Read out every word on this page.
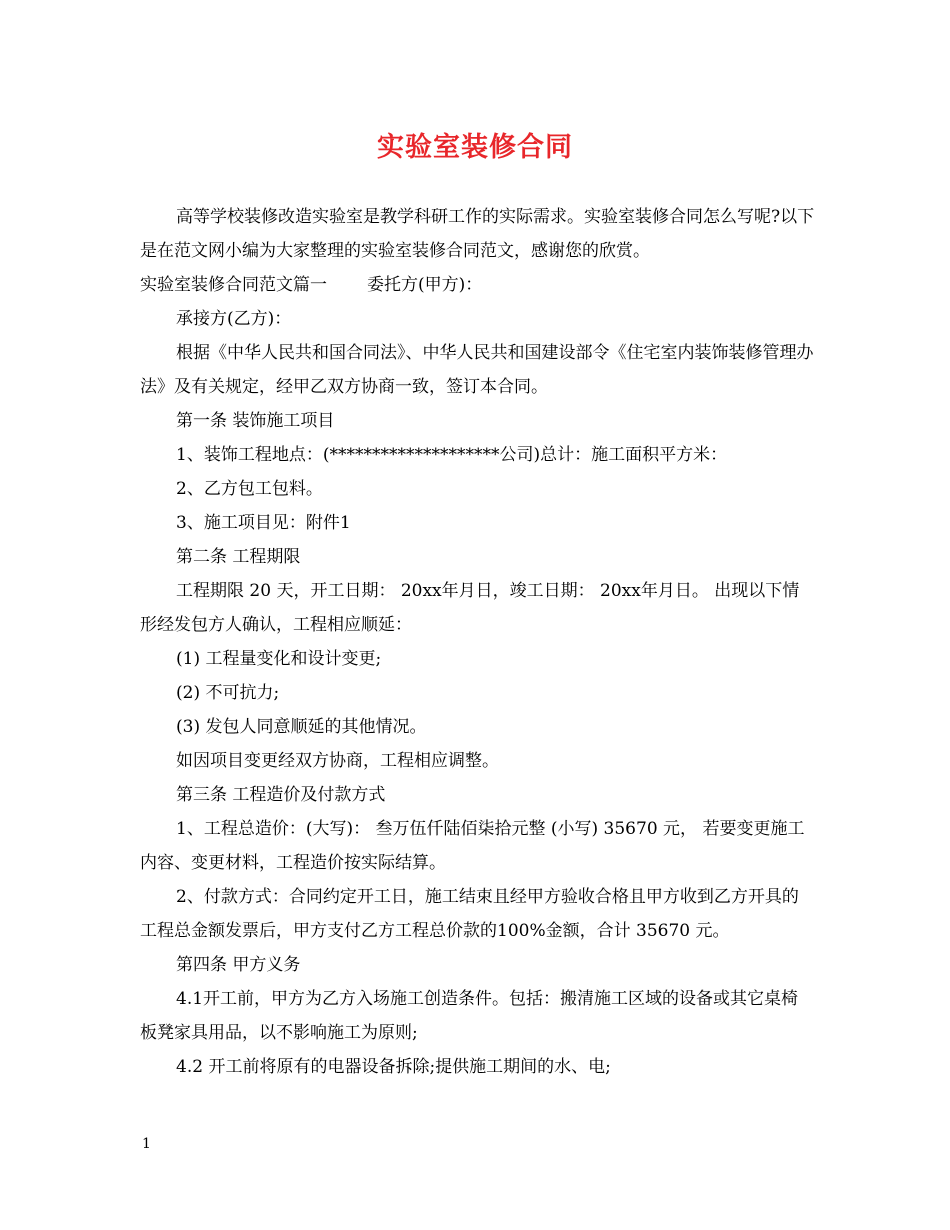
实验室装修合同

高等学校装修改造实验室是教学科研工作的实际需求。实验室装修合同怎么写呢?以下是在范文网小编为大家整理的实验室装修合同范文，感谢您的欣赏。

实验室装修合同范文篇一 委托方(甲方)：

承接方(乙方)：

根据《中华人民共和国合同法》、中华人民共和国建设部令《住宅室内装饰装修管理办法》及有关规定，经甲乙双方协商一致，签订本合同。

第一条 装饰施工项目

1、装饰工程地点：(********************公司)总计：施工面积平方米：

2、乙方包工包料。

3、施工项目见：附件1

第二条 工程期限

工程期限 20 天，开工日期： 20xx年月日，竣工日期： 20xx年月日。 出现以下情形经发包方人确认，工程相应顺延：

(1) 工程量变化和设计变更;

(2) 不可抗力;

(3) 发包人同意顺延的其他情况。

如因项目变更经双方协商，工程相应调整。

第三条 工程造价及付款方式

1、工程总造价：(大写)： 叁万伍仟陆佰柒拾元整 (小写) 35670 元， 若要变更施工内容、变更材料，工程造价按实际结算。

2、付款方式：合同约定开工日，施工结束且经甲方验收合格且甲方收到乙方开具的工程总金额发票后，甲方支付乙方工程总价款的100%金额，合计 35670 元。

第四条 甲方义务

4.1开工前，甲方为乙方入场施工创造条件。包括：搬清施工区域的设备或其它桌椅板凳家具用品，以不影响施工为原则;

4.2 开工前将原有的电器设备拆除;提供施工期间的水、电;

1
